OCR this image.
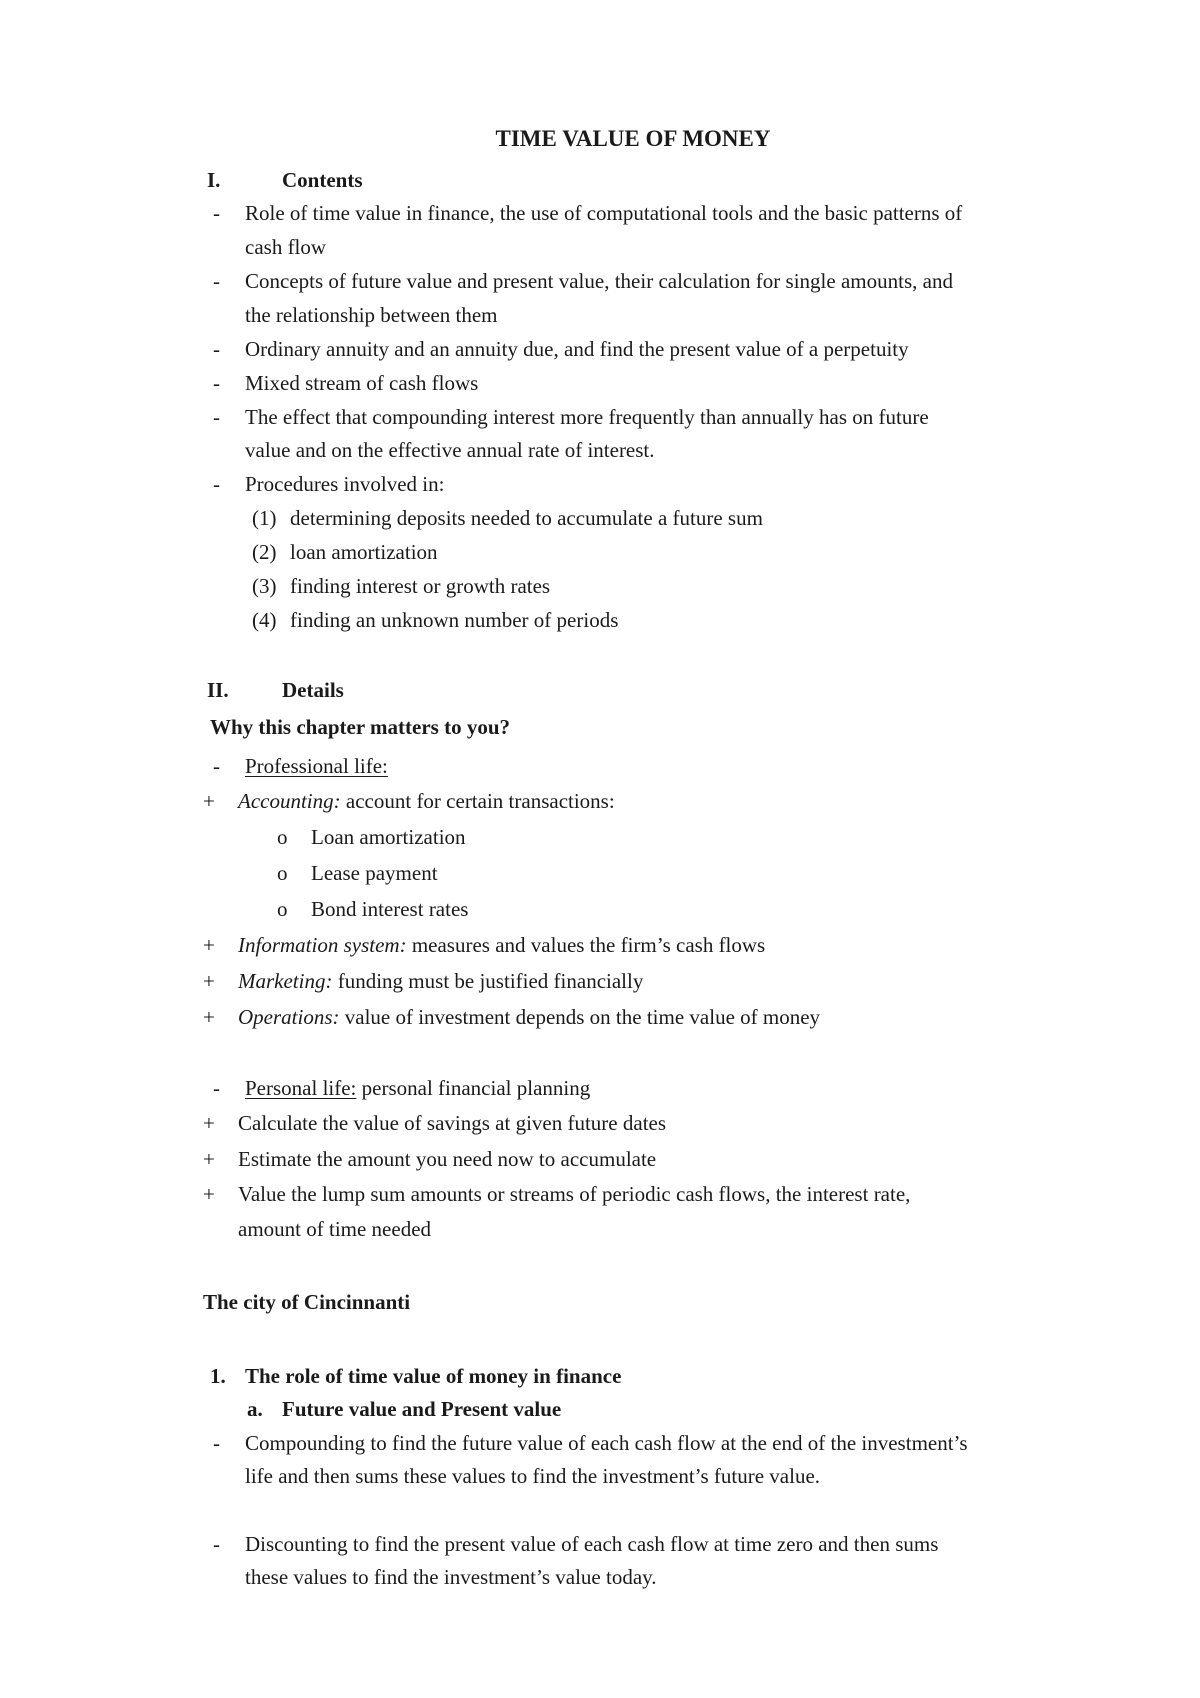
TIME VALUE OF MONEY
I.	Contents
- Role of time value in finance, the use of computational tools and the basic patterns of
cash flow
- Concepts of future value and present value, their calculation for single amounts, and
the relationship between them
- Ordinary annuity and an annuity due, and find the present value of a perpetuity
- Mixed stream of cash flows
- The effect that compounding interest more frequently than annually has on future
value and on the effective annual rate of interest.
- Procedures involved in:
(1) determining deposits needed to accumulate a future sum
(2) loan amortization
(3) finding interest or growth rates
(4) finding an unknown number of periods
II.	Details
Why this chapter matters to you?
- Professional life:
+ Accounting: account for certain transactions:
o Loan amortization
o Lease payment
o Bond interest rates
+ Information system: measures and values the firm’s cash flows
+ Marketing: funding must be justified financially
+ Operations: value of investment depends on the time value of money
- Personal life: personal financial planning
+ Calculate the value of savings at given future dates
+ Estimate the amount you need now to accumulate
+ Value the lump sum amounts or streams of periodic cash flows, the interest rate,
amount of time needed
The city of Cincinnanti
1. The role of time value of money in finance
a. Future value and Present value
- Compounding to find the future value of each cash flow at the end of the investment’s
life and then sums these values to find the investment’s future value.
- Discounting to find the present value of each cash flow at time zero and then sums
these values to find the investment’s value today.
